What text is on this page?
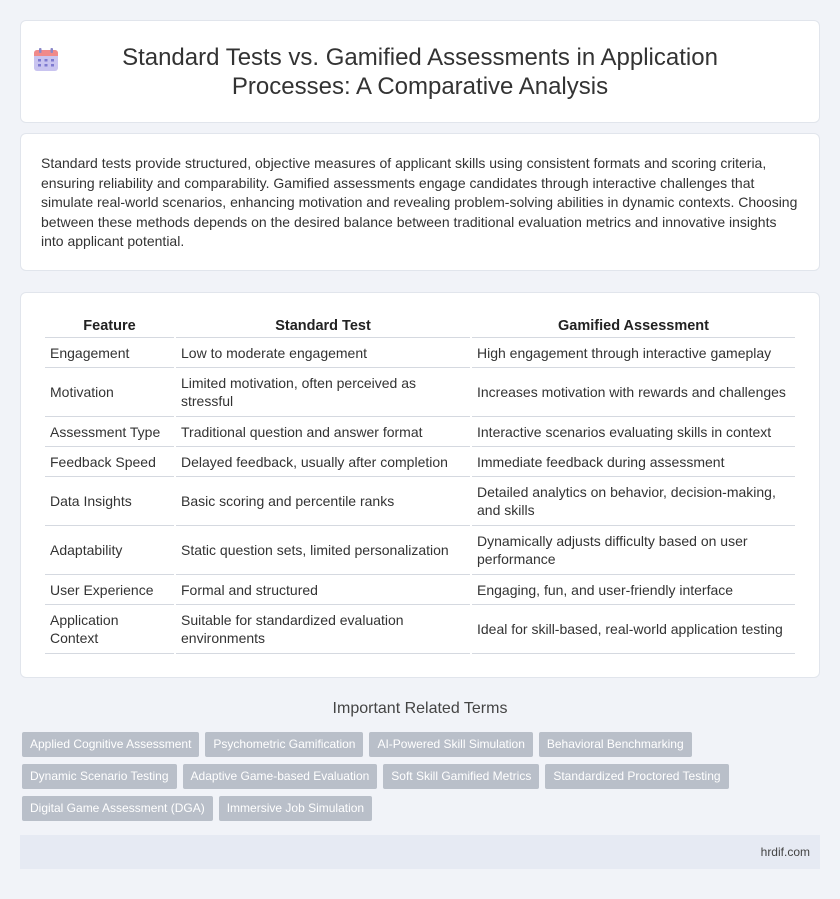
Standard Tests vs. Gamified Assessments in Application Processes: A Comparative Analysis

Standard tests provide structured, objective measures of applicant skills using consistent formats and scoring criteria, ensuring reliability and comparability. Gamified assessments engage candidates through interactive challenges that simulate real-world scenarios, enhancing motivation and revealing problem-solving abilities in dynamic contexts. Choosing between these methods depends on the desired balance between traditional evaluation metrics and innovative insights into applicant potential.

Feature	Standard Test	Gamified Assessment
Engagement	Low to moderate engagement	High engagement through interactive gameplay
Motivation	Limited motivation, often perceived as stressful	Increases motivation with rewards and challenges
Assessment Type	Traditional question and answer format	Interactive scenarios evaluating skills in context
Feedback Speed	Delayed feedback, usually after completion	Immediate feedback during assessment
Data Insights	Basic scoring and percentile ranks	Detailed analytics on behavior, decision-making, and skills
Adaptability	Static question sets, limited personalization	Dynamically adjusts difficulty based on user performance
User Experience	Formal and structured	Engaging, fun, and user-friendly interface
Application Context	Suitable for standardized evaluation environments	Ideal for skill-based, real-world application testing
Important Related Terms
Applied Cognitive Assessment	Psychometric Gamification	AI-Powered Skill Simulation	Behavioral Benchmarking
Dynamic Scenario Testing	Adaptive Game-based Evaluation	Soft Skill Gamified Metrics	Standardized Proctored Testing
Digital Game Assessment (DGA)	Immersive Job Simulation
hrdif.com
